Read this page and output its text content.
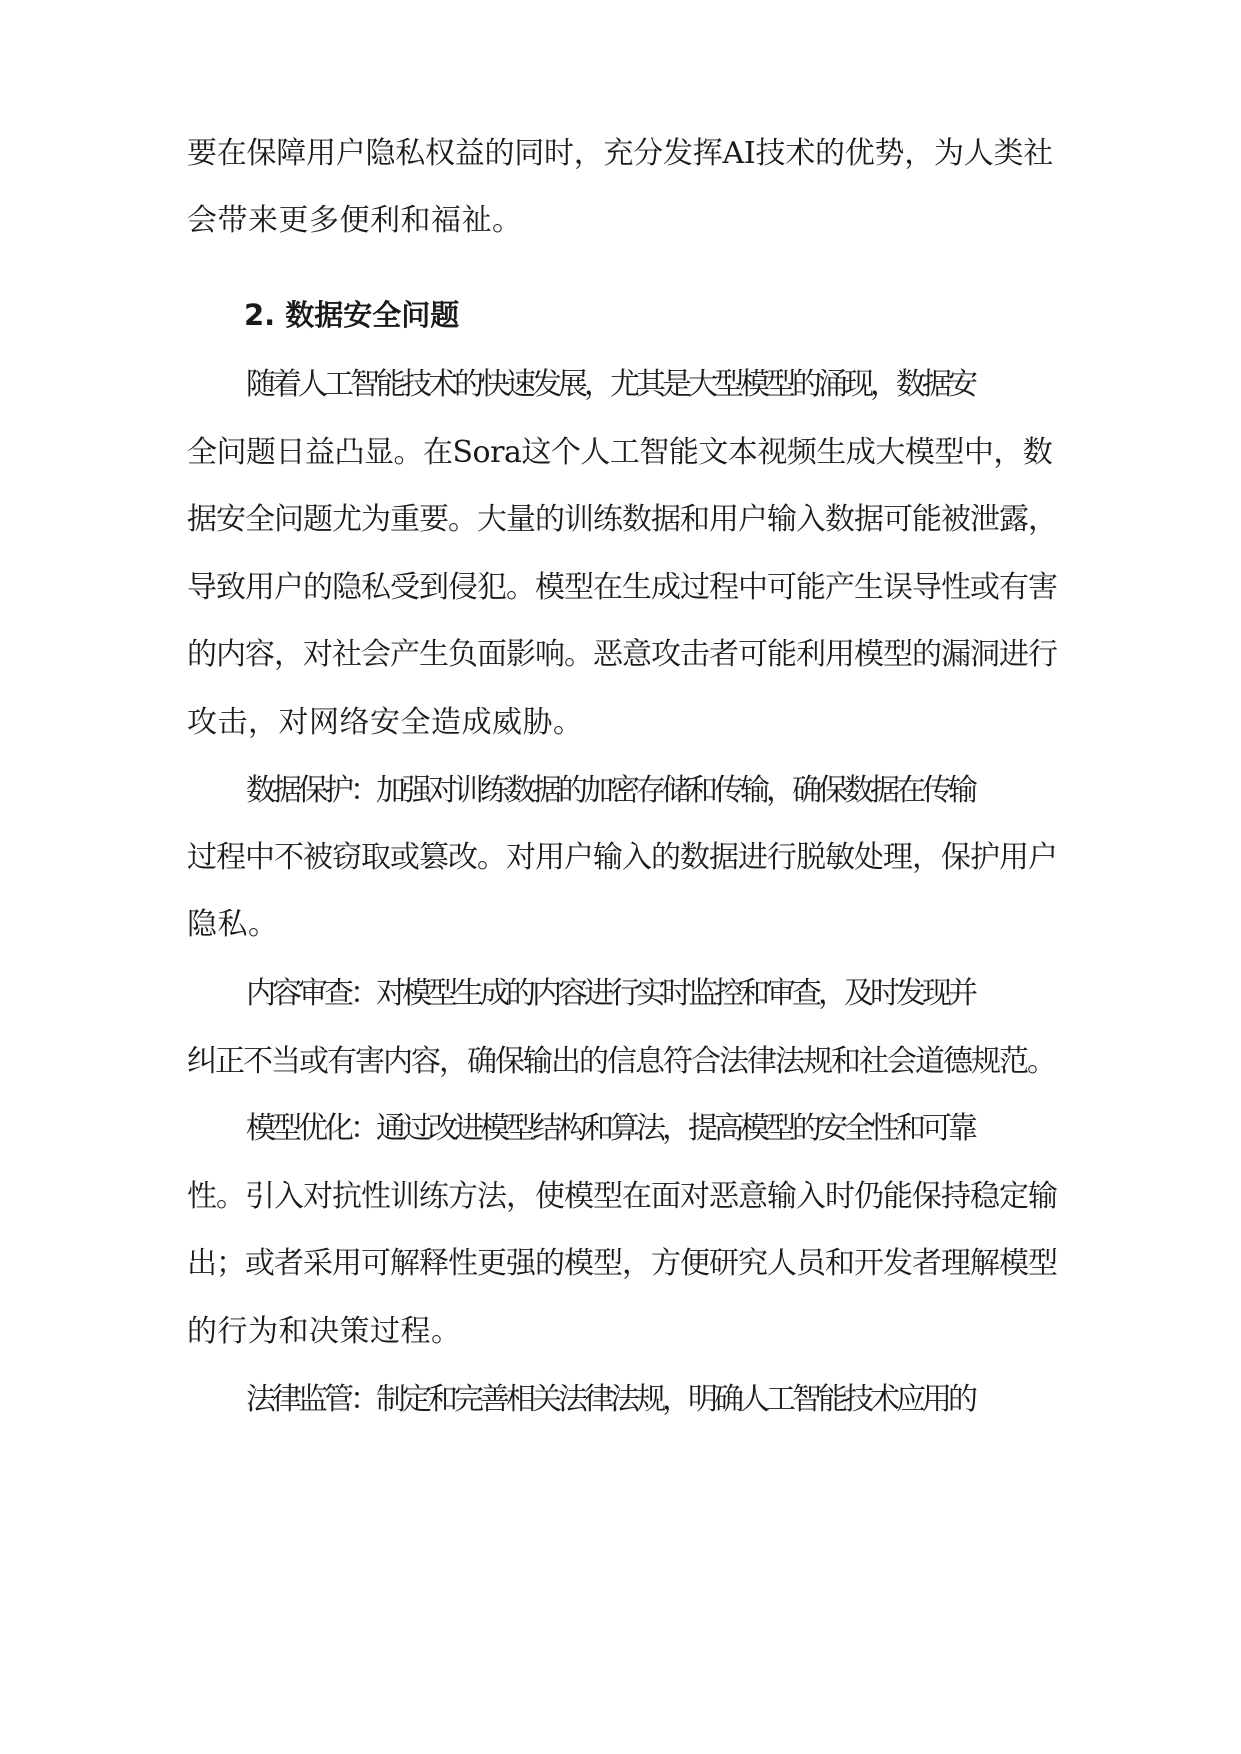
要在保障用户隐私权益的同时，充分发挥AI技术的优势，为人类社
会带来更多便利和福祉。
2. 数据安全问题
随着人工智能技术的快速发展，尤其是大型模型的涌现，数据安
全问题日益凸显。在Sora这个人工智能文本视频生成大模型中，数
据安全问题尤为重要。大量的训练数据和用户输入数据可能被泄露，
导致用户的隐私受到侵犯。模型在生成过程中可能产生误导性或有害
的内容，对社会产生负面影响。恶意攻击者可能利用模型的漏洞进行
攻击，对网络安全造成威胁。
数据保护：加强对训练数据的加密存储和传输，确保数据在传输
过程中不被窃取或篡改。对用户输入的数据进行脱敏处理，保护用户
隐私。
内容审查：对模型生成的内容进行实时监控和审查，及时发现并
纠正不当或有害内容，确保输出的信息符合法律法规和社会道德规范。
模型优化：通过改进模型结构和算法，提高模型的安全性和可靠
性。引入对抗性训练方法，使模型在面对恶意输入时仍能保持稳定输
出；或者采用可解释性更强的模型，方便研究人员和开发者理解模型
的行为和决策过程。
法律监管：制定和完善相关法律法规，明确人工智能技术应用的
